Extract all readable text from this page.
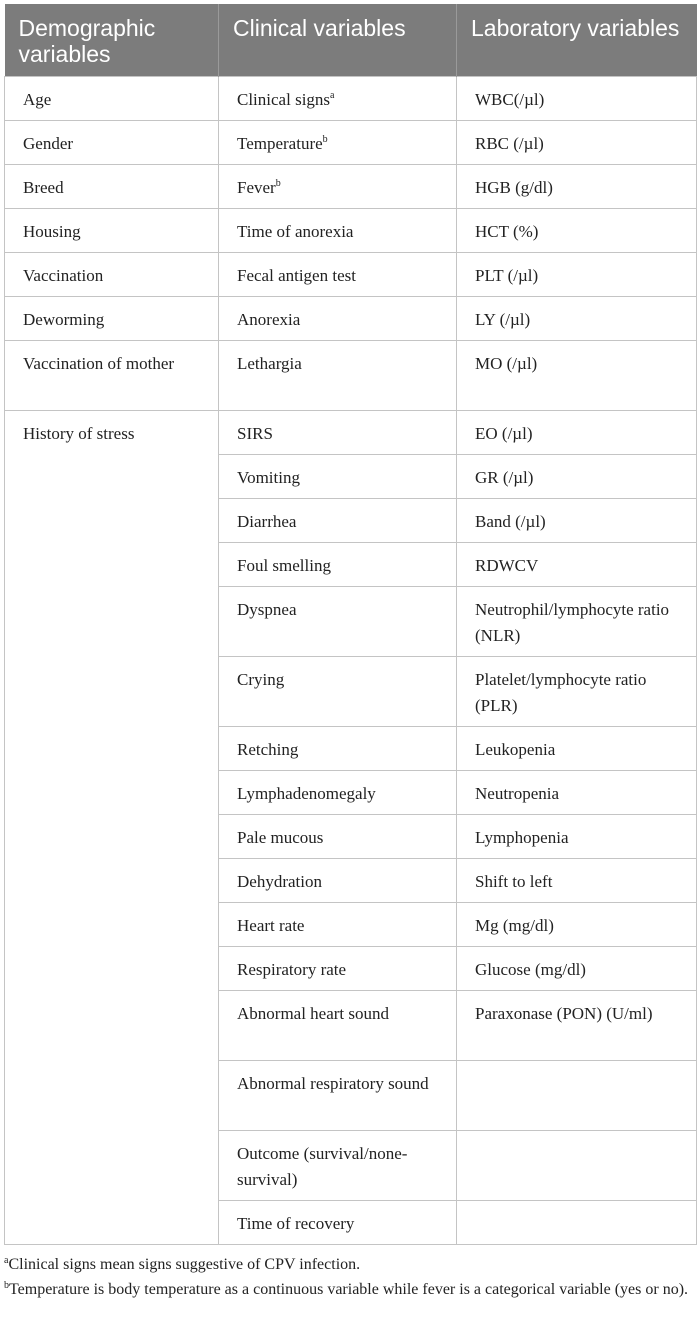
Demographic variables	Clinical variables	Laboratory variables
Age	Clinical signs$^a$	WBC(/µl)
Gender	Temperature$^b$	RBC (/µl)
Breed	Fever$^b$	HGB (g/dl)
Housing	Time of anorexia	HCT (%)
Vaccination	Fecal antigen test	PLT (/µl)
Deworming	Anorexia	LY (/µl)
Vaccination of mother	Lethargia	MO (/µl)
History of stress	SIRS	EO (/µl)
	Vomiting	GR (/µl)
	Diarrhea	Band (/µl)
	Foul smelling	RDWCV
	Dyspnea	Neutrophil/lymphocyte ratio (NLR)
	Crying	Platelet/lymphocyte ratio (PLR)
	Retching	Leukopenia
	Lymphadenomegaly	Neutropenia
	Pale mucous	Lymphopenia
	Dehydration	Shift to left
	Heart rate	Mg (mg/dl)
	Respiratory rate	Glucose (mg/dl)
	Abnormal heart sound	Paraxonase (PON) (U/ml)
	Abnormal respiratory sound	
	Outcome (survival/none-survival)	
	Time of recovery	

$^a$Clinical signs mean signs suggestive of CPV infection.

$^b$Temperature is body temperature as a continuous variable while fever is a categorical variable (yes or no).
